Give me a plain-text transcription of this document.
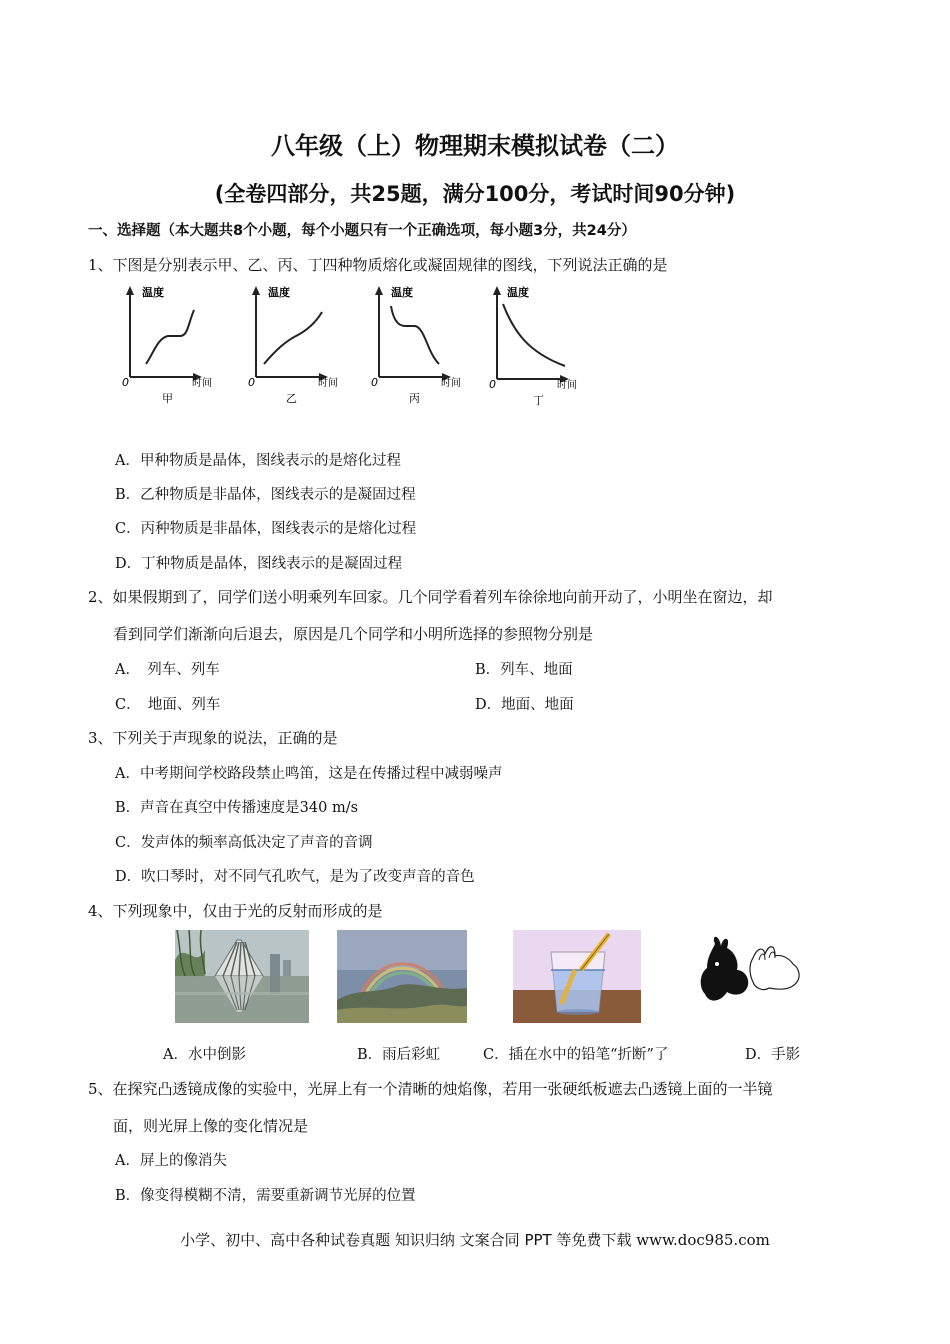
八年级（上）物理期末模拟试卷（二）
(全卷四部分，共25题，满分100分，考试时间90分钟)
一、选择题（本大题共8个小题，每个小题只有一个正确选项，每小题3分，共24分）
1、下图是分别表示甲、乙、丙、丁四种物质熔化或凝固规律的图线，下列说法正确的是
温度
0	时间
甲
温度
0	时间
乙
温度
0	时间
丙
温度
0	时间
丁
A．甲种物质是晶体，图线表示的是熔化过程
B．乙种物质是非晶体，图线表示的是凝固过程
C．丙种物质是非晶体，图线表示的是熔化过程
D．丁种物质是晶体，图线表示的是凝固过程
2、如果假期到了，同学们送小明乘列车回家。几个同学看着列车徐徐地向前开动了，小明坐在窗边，却
看到同学们渐渐向后退去，原因是几个同学和小明所选择的参照物分别是
A．　列车、列车	B．列车、地面
C．　地面、列车	D．地面、地面
3、下列关于声现象的说法，正确的是
A．中考期间学校路段禁止鸣笛，这是在传播过程中减弱噪声
B．声音在真空中传播速度是340 m/s
C．发声体的频率高低决定了声音的音调
D．吹口琴时，对不同气孔吹气，是为了改变声音的音色
4、下列现象中，仅由于光的反射而形成的是
A．水中倒影	B．雨后彩虹	C．插在水中的铅笔“折断”了	D．手影
5、在探究凸透镜成像的实验中，光屏上有一个清晰的烛焰像，若用一张硬纸板遮去凸透镜上面的一半镜
面，则光屏上像的变化情况是
A．屏上的像消失
B．像变得模糊不清，需要重新调节光屏的位置
小学、初中、高中各种试卷真题 知识归纳 文案合同 PPT 等免费下载 www.doc985.com
